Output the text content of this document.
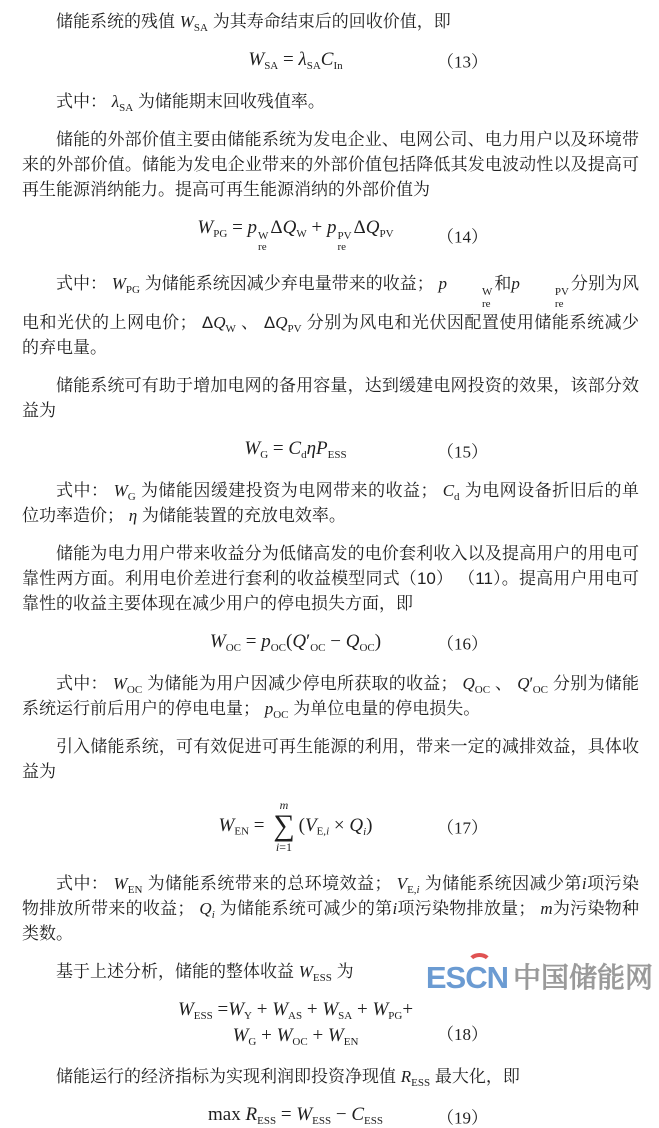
储能系统的残值 $W_{SA}$ 为其寿命结束后的回收价值，即

$W_{SA} = \lambda_{SA}C_{In}$	（13）

式中： $\lambda_{SA}$ 为储能期末回收残值率。

储能的外部价值主要由储能系统为发电企业、电网公司、电力用户以及环境带来的外部价值。储能为发电企业带来的外部价值包括降低其发电波动性以及提高可再生能源消纳能力。提高可再生能源消纳的外部价值为

$W_{PG} = p$ W
re
$\Delta Q_W + p$ PV
re
$\Delta Q_{PV}$	（14）

式中： $W_{PG}$ 为储能系统因减少弃电量带来的收益； p	W
re
和p	PV
re
分别为风电和光伏的上网电价； $\Delta Q_W$ 、 $\Delta Q_{PV}$ 分别为风电和光伏因配置使用储能系统减少的弃电量。

储能系统可有助于增加电网的备用容量，达到缓建电网投资的效果，该部分效益为

$W_G = C_d\eta P_{ESS}$	（15）

式中： $W_G$ 为储能因缓建投资为电网带来的收益； $C_d$ 为电网设备折旧后的单位功率造价； η 为储能装置的充放电效率。

储能为电力用户带来收益分为低储高发的电价套利收入以及提高用户的用电可靠性两方面。利用电价差进行套利的收益模型同式（10） （11）。提高用户用电可靠性的收益主要体现在减少用户的停电损失方面，即

$W_{OC} = p_{OC}(Q'_{OC} - Q_{OC})$	（16）

式中： $W_{OC}$ 为储能为用户因减少停电所获取的收益； $Q_{OC}$ 、 $Q'_{OC}$ 分别为储能系统运行前后用户的停电电量； $p_{OC}$ 为单位电量的停电损失。

引入储能系统，可有效促进可再生能源的利用，带来一定的减排效益，具体收益为

$W_{EN}$ =
m
∑
i=1
$(V_{E,i} \times Q_i)$	（17）

式中： $W_{EN}$ 为储能系统带来的总环境效益； $V_{E,i}$ 为储能系统因减少第i项污染物排放所带来的收益； $Q_i$ 为储能系统可减少的第i项污染物排放量； m为污染物种类数。

基于上述分析，储能的整体收益 $W_{ESS}$ 为

$W_{ESS} =W_Y + W_{AS} + W_{SA} + W_{PG}+$
$W_G + W_{OC} + W_{EN}$	（18）

储能运行的经济指标为实现利润即投资净现值 $R_{ESS}$ 最大化，即

$\max R_{ESS} = W_{ESS} - C_{ESS}$	（19）
ESCN 中国储能网
